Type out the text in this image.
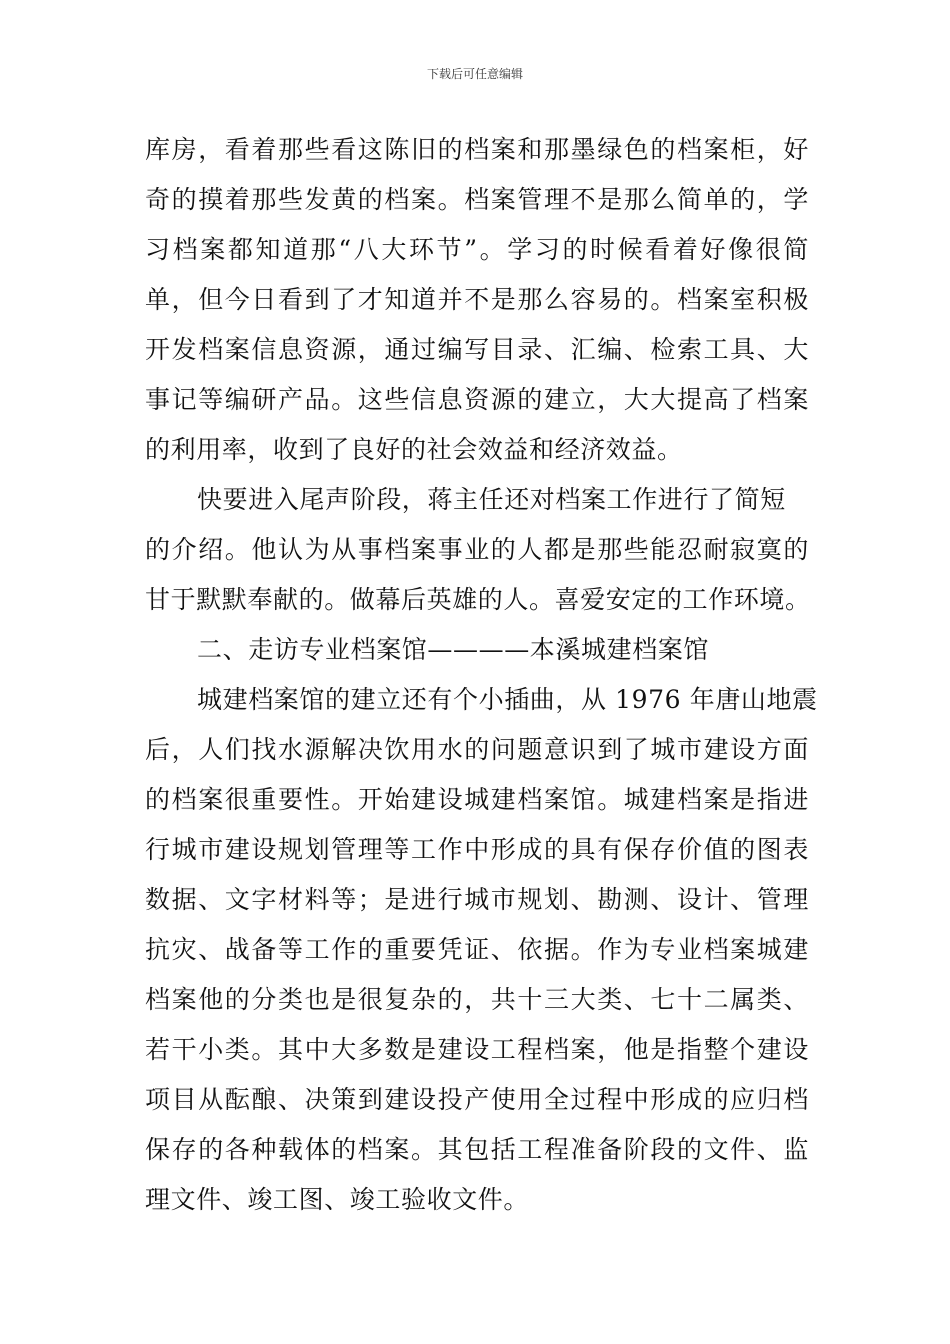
下载后可任意编辑
库房，看着那些看这陈旧的档案和那墨绿色的档案柜，好
奇的摸着那些发黄的档案。档案管理不是那么简单的，学
习档案都知道那“八大环节”。学习的时候看着好像很简
单，但今日看到了才知道并不是那么容易的。档案室积极
开发档案信息资源，通过编写目录、汇编、检索工具、大
事记等编研产品。这些信息资源的建立，大大提高了档案
的利用率，收到了良好的社会效益和经济效益。
快要进入尾声阶段，蒋主任还对档案工作进行了简短
的介绍。他认为从事档案事业的人都是那些能忍耐寂寞的
甘于默默奉献的。做幕后英雄的人。喜爱安定的工作环境。
二、走访专业档案馆————本溪城建档案馆
城建档案馆的建立还有个小插曲，从 1976 年唐山地震
后，人们找水源解决饮用水的问题意识到了城市建设方面
的档案很重要性。开始建设城建档案馆。城建档案是指进
行城市建设规划管理等工作中形成的具有保存价值的图表
数据、文字材料等；是进行城市规划、勘测、设计、管理
抗灾、战备等工作的重要凭证、依据。作为专业档案城建
档案他的分类也是很复杂的，共十三大类、七十二属类、
若干小类。其中大多数是建设工程档案，他是指整个建设
项目从酝酿、决策到建设投产使用全过程中形成的应归档
保存的各种载体的档案。其包括工程准备阶段的文件、监
理文件、竣工图、竣工验收文件。
